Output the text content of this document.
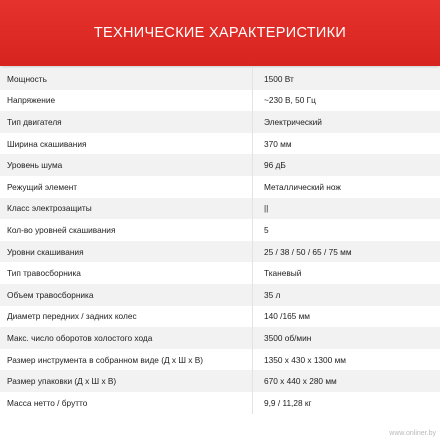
ТЕХНИЧЕСКИЕ ХАРАКТЕРИСТИКИ
Мощность	1500 Вт
Напряжение	~230 В, 50 Гц
Тип двигателя	Электрический
Ширина скашивания	370 мм
Уровень шума	96 дБ
Режущий элемент	Металлический нож
Класс электрозащиты	||
Кол-во уровней скашивания	5
Уровни скашивания	25 / 38 / 50 / 65 / 75 мм
Тип травосборника	Тканевый
Объем травосборника	35 л
Диаметр передних / задних колес	140 /165 мм
Макс. число оборотов холостого хода	3500 об/мин
Размер инструмента в собранном виде (Д х Ш х В)	1350 x 430 x 1300 мм
Размер упаковки (Д х Ш х В)	670 x 440 x 280 мм
Масса нетто / брутто	9,9 / 11,28 кг
www.onliner.by
